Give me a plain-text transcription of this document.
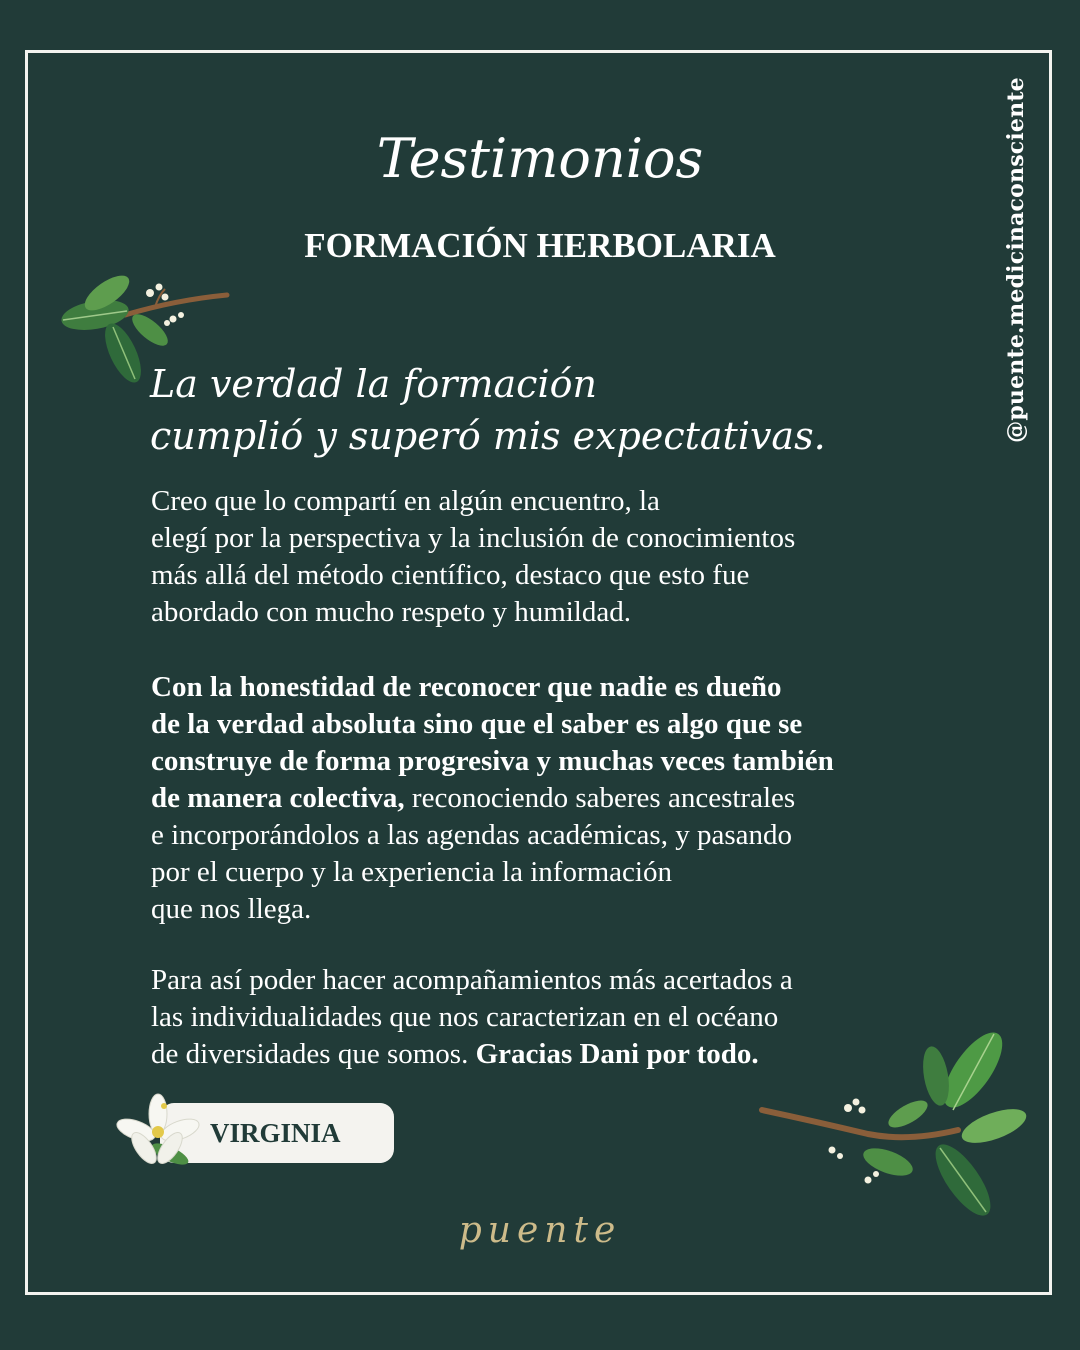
@puente.medicinaconsciente
Testimonios
FORMACIÓN HERBOLARIA
La verdad la formación
cumplió y superó mis expectativas.
Creo que lo compartí en algún encuentro, la
elegí por la perspectiva y la inclusión de conocimientos
más allá del método científico, destaco que esto fue
abordado con mucho respeto y humildad.
Con la honestidad de reconocer que nadie es dueño
de la verdad absoluta sino que el saber es algo que se
construye de forma progresiva y muchas veces también
de manera colectiva, reconociendo saberes ancestrales
e incorporándolos a las agendas académicas, y pasando
por el cuerpo y la experiencia la información
que nos llega.
Para así poder hacer acompañamientos más acertados a
las individualidades que nos caracterizan en el océano
de diversidades que somos. Gracias Dani por todo.
VIRGINIA
puente
